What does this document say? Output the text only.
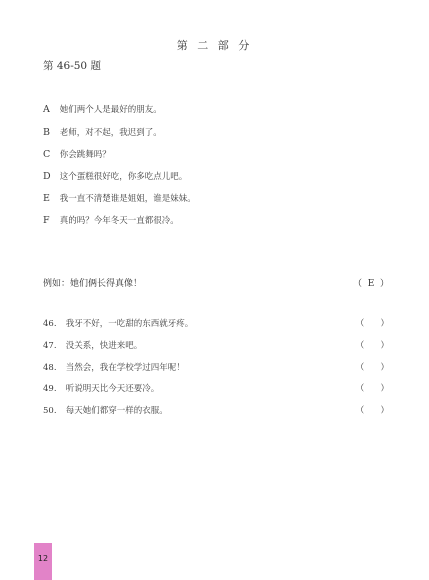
第 二 部 分
第 46-50 题
A 她们两个人是最好的朋友。
B 老师，对不起，我迟到了。
C 你会跳舞吗？
D 这个蛋糕很好吃，你多吃点儿吧。
E 我一直不清楚谁是姐姐，谁是妹妹。
F 真的吗？今年冬天一直都很冷。
例如：她们俩长得真像！	（  E  ）
46. 我牙不好，一吃甜的东西就牙疼。	（      ）
47. 没关系，快进来吧。	（      ）
48. 当然会，我在学校学过四年呢！	（      ）
49. 听说明天比今天还要冷。	（      ）
50. 每天她们都穿一样的衣服。	（      ）
12
